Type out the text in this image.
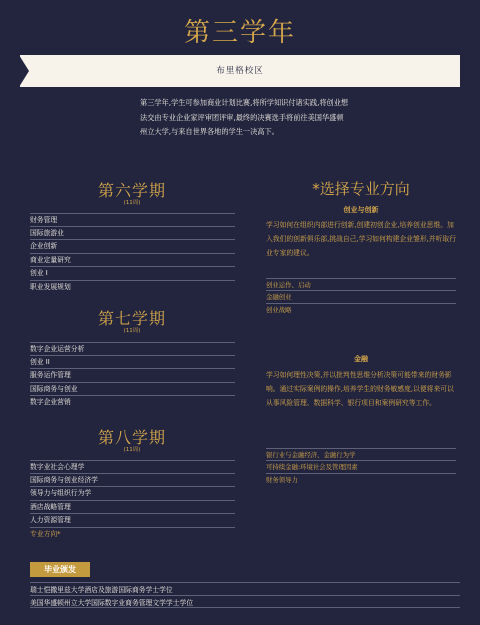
第三学年
布里格校区
第三学年,学生可参加商业计划比赛,将所学知识付诸实践,将创业想法交由专业企业家评审团评审,最终的决赛选手将前往美国华盛顿州立大学,与来自世界各地的学生一决高下。
第六学期
(11周)
财务管理
国际旅游业
企业创新
商业定量研究
创业 I
职业发展规划
第七学期
(11周)
数字企业运营分析
创业 II
服务运作管理
国际商务与创业
数字企业营销
第八学期
(11周)
数字业社会心理学
国际商务与创业经济学
领导力与组织行为学
酒店战略管理
人力资源管理
专业方向*
*选择专业方向
创业与创新
学习如何在组织内部进行创新,创建初创企业,培养创业思维。加入我们的创新俱乐部,挑战自己,学习如何构建企业雏形,并听取行业专家的建议。
创业运作、启动
金融创业
创业战略
金融
学习如何理性决策,并以批判性思维分析决策可能带来的财务影响。通过实际案例的操作,培养学生的财务敏感度,以便将来可以从事风险管理、数据科学、银行项目和案例研究等工作。
银行业与金融经济、金融行为学
可持续金融:环境社会及管理因素
财务领导力
毕业颁发
瑞士恺撒里兹大学酒店及旅游国际商务学士学位
美国华盛顿州立大学国际数字业商务管理文学学士学位
